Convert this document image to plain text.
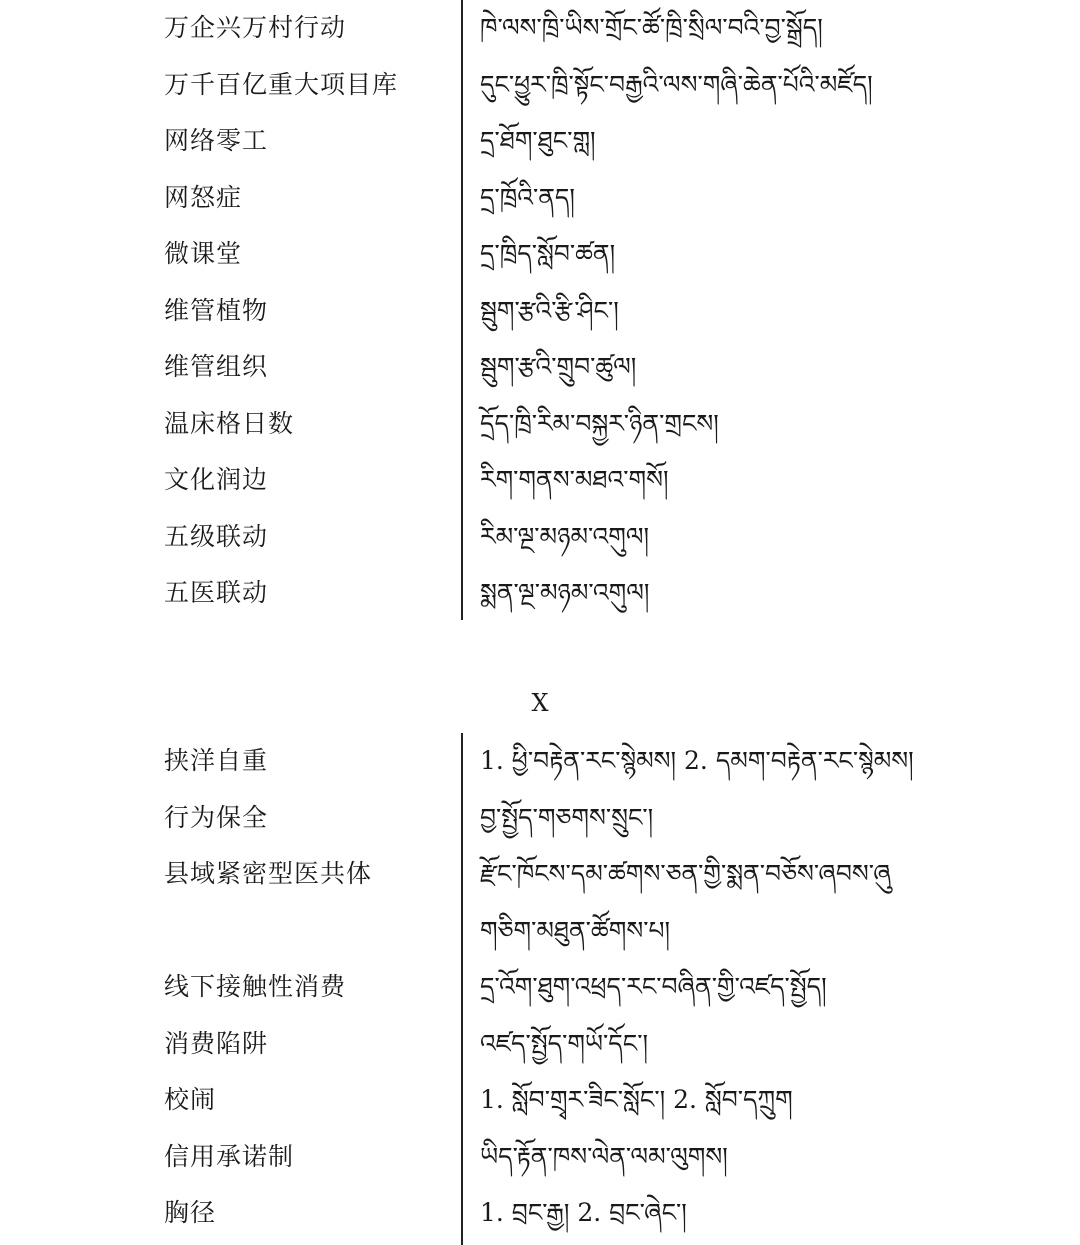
万企兴万村行动	ཁེ་ལས་ཁྲི་ཡིས་གྲོང་ཚོ་ཁྲི་སྲིལ་བའི་བྱ་སྒྲོད།
万千百亿重大项目库	དུང་ཕྱུར་ཁྲི་སྟོང་བརྒྱའི་ལས་གཞི་ཆེན་པོའི་མཛོད།
网络零工	དྲ་ཐོག་ཐུང་གླ།
网怒症	དྲ་ཁྲོའི་ནད།
微课堂	དྲ་ཁྲིད་སློབ་ཚན།
维管植物	སྦུག་རྩའི་རྩི་ཤིང་།
维管组织	སྦུག་རྩའི་གྲུབ་ཚུལ།
温床格日数	དྲོད་ཁྲི་རིམ་བསྐྱར་ཉིན་གྲངས།
文化润边	རིག་གནས་མཐའ་གསོ།
五级联动	རིམ་ལྔ་མཉམ་འགུལ།
五医联动	སྨན་ལྔ་མཉམ་འགུལ།
X
挟洋自重	1. ཕྱི་བརྟེན་རང་སྙེམས། 2. དམག་བརྟེན་རང་སྙེམས།
行为保全	བྱ་སྤྱོད་གཅགས་སྲུང་།
县域紧密型医共体	རྫོང་ཁོངས་དམ་ཚགས་ཅན་གྱི་སྨན་བཅོས་ཞབས་ཞུ
གཅིག་མཐུན་ཚོགས་པ།
线下接触性消费	དྲ་འོག་ཐུག་འཕྲད་རང་བཞིན་གྱི་འཛད་སྤྱོད།
消费陷阱	འཛད་སྤྱོད་གཡོ་དོང་།
校闹	1. སློབ་གྲྭར་ཟིང་སློང་། 2. སློབ་དཀྲུག
信用承诺制	ཡིད་རྟོན་ཁས་ལེན་ལམ་ལུགས།
胸径	1. བྲང་རྒྱ། 2. བྲང་ཞེང་།
